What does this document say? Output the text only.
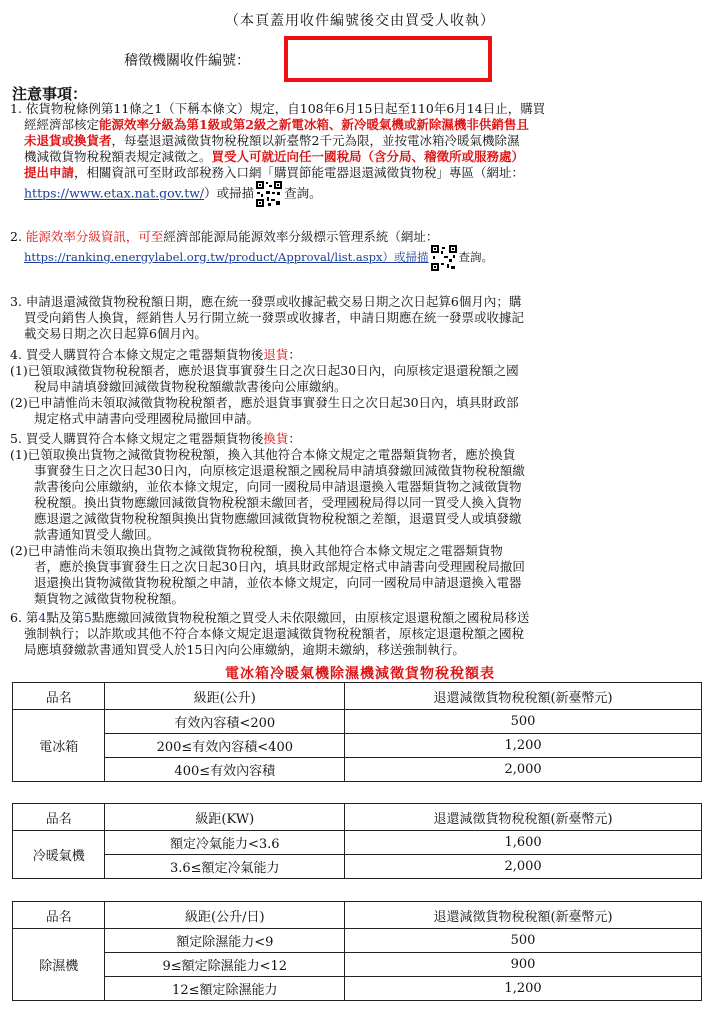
（本頁蓋用收件編號後交由買受人收執）
稽徵機關收件編號：
注意事項：
1. 依貨物稅條例第11條之1（下稱本條文）規定，自108年6月15日起至110年6月14日止，購買
經經濟部核定能源效率分級為第1級或第2級之新電冰箱、新冷暖氣機或新除濕機非供銷售且
未退貨或換貨者，每臺退還減徵貨物稅稅額以新臺幣2千元為限，並按電冰箱冷暖氣機除濕
機減徵貨物稅稅額表規定減徵之。買受人可就近向任一國稅局（含分局、稽徵所或服務處）
提出申請，相關資訊可至財政部稅務入口網「購買節能電器退還減徵貨物稅」專區（網址：
https://www.etax.nat.gov.tw/）或掃描 查詢。
2. 能源效率分級資訊，可至經濟部能源局能源效率分級標示管理系統（網址：
https://ranking.energylabel.org.tw/product/Approval/list.aspx）或掃描	查詢。
3. 申請退還減徵貨物稅稅額日期，應在統一發票或收據記載交易日期之次日起算6個月內；購
買受向銷售人換貨，經銷售人另行開立統一發票或收據者，申請日期應在統一發票或收據記
載交易日期之次日起算6個月內。
4. 買受人購買符合本條文規定之電器類貨物後退貨：
(1)已領取減徵貨物稅稅額者，應於退貨事實發生日之次日起30日內，向原核定退還稅額之國
稅局申請填發繳回減徵貨物稅稅額繳款書後向公庫繳納。
(2)已申請惟尚未領取減徵貨物稅稅額者，應於退貨事實發生日之次日起30日內，填具財政部
規定格式申請書向受理國稅局撤回申請。
5. 買受人購買符合本條文規定之電器類貨物後換貨：
(1)已領取換出貨物之減徵貨物稅稅額，換入其他符合本條文規定之電器類貨物者，應於換貨
事實發生日之次日起30日內，向原核定退還稅額之國稅局申請填發繳回減徵貨物稅稅額繳
款書後向公庫繳納，並依本條文規定，向同一國稅局申請退還換入電器類貨物之減徵貨物
稅稅額。換出貨物應繳回減徵貨物稅稅額未繳回者，受理國稅局得以同一買受人換入貨物
應退還之減徵貨物稅稅額與換出貨物應繳回減徵貨物稅稅額之差額，退還買受人或填發繳
款書通知買受人繳回。
(2)已申請惟尚未領取換出貨物之減徵貨物稅稅額，換入其他符合本條文規定之電器類貨物
者，應於換貨事實發生日之次日起30日內，填具財政部規定格式申請書向受理國稅局撤回
退還換出貨物減徵貨物稅稅額之申請，並依本條文規定，向同一國稅局申請退還換入電器
類貨物之減徵貨物稅稅額。
6. 第4點及第5點應繳回減徵貨物稅稅額之買受人未依限繳回，由原核定退還稅額之國稅局移送
強制執行；以詐欺或其他不符合本條文規定退還減徵貨物稅稅額者，原核定退還稅額之國稅
局應填發繳款書通知買受人於15日內向公庫繳納，逾期未繳納，移送強制執行。
電冰箱冷暖氣機除濕機減徵貨物稅稅額表
品名	級距(公升)	退還減徵貨物稅稅額(新臺幣元)
電冰箱	有效內容積<200	500
	200≤有效內容積<400	1,200
	400≤有效內容積	2,000
品名	級距(KW)	退還減徵貨物稅稅額(新臺幣元)
冷暖氣機	額定冷氣能力<3.6	1,600
	3.6≤額定冷氣能力	2,000
品名	級距(公升/日)	退還減徵貨物稅稅額(新臺幣元)
除濕機	額定除濕能力<9	500
	9≤額定除濕能力<12	900
	12≤額定除濕能力	1,200
